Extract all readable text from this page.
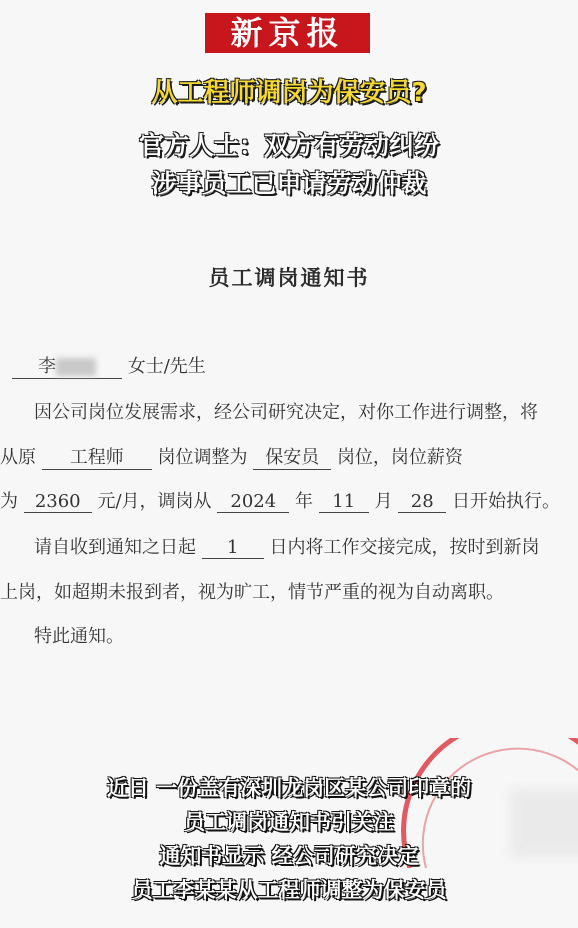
新京报
从工程师调岗为保安员?
官方人士：双方有劳动纠纷
涉事员工已申请劳动仲裁
员工调岗通知书
李	女士/先生
因公司岗位发展需求，经公司研究决定，对你工作进行调整，将
从原 工程师 岗位调整为 保安员 岗位，岗位薪资
为 2360 元/月，调岗从 2024 年 11 月 28 日开始执行。
请自收到通知之日起 1 日内将工作交接完成，按时到新岗
上岗，如超期未报到者，视为旷工，情节严重的视为自动离职。
特此通知。
近日 一份盖有深圳龙岗区某公司印章的
员工调岗通知书引关注
通知书显示 经公司研究决定
员工李某某从工程师调整为保安员
